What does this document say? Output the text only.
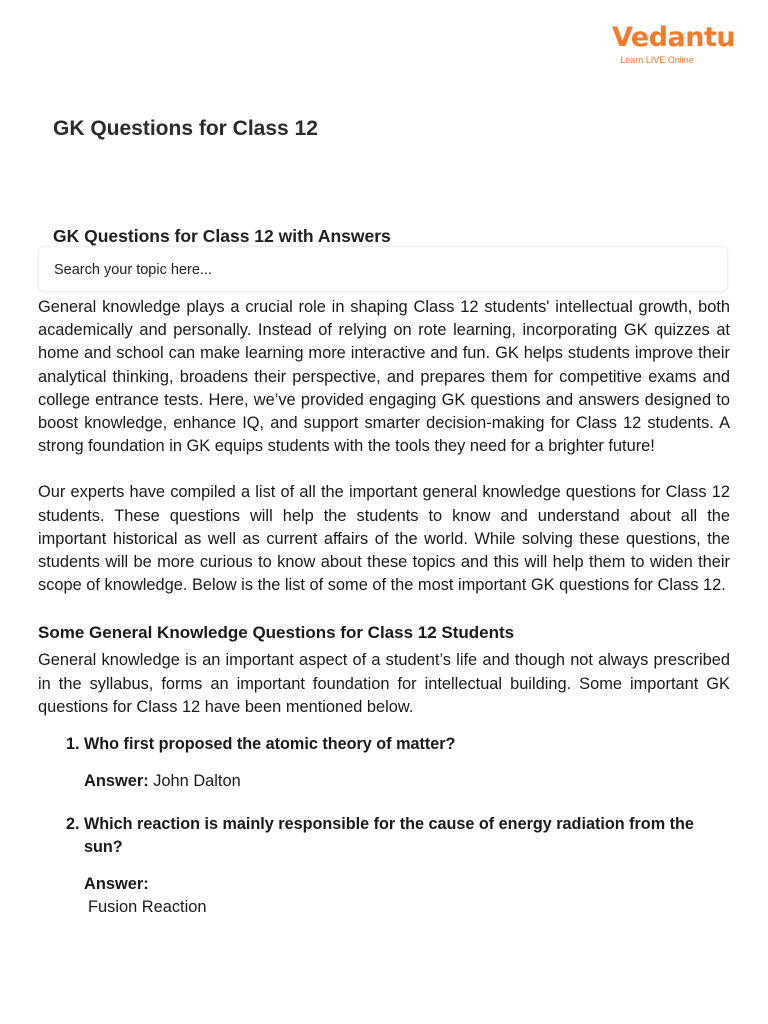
Vedantu
Learn LIVE Online
GK Questions for Class 12
GK Questions for Class 12 with Answers
Search your topic here...

General knowledge plays a crucial role in shaping Class 12 students' intellectual growth, both academically and personally. Instead of relying on rote learning, incorporating GK quizzes at home and school can make learning more interactive and fun. GK helps students improve their analytical thinking, broadens their perspective, and prepares them for competitive exams and college entrance tests. Here, we’ve provided engaging GK questions and answers designed to boost knowledge, enhance IQ, and support smarter decision-making for Class 12 students. A strong foundation in GK equips students with the tools they need for a brighter future!

Our experts have compiled a list of all the important general knowledge questions for Class 12 students. These questions will help the students to know and understand about all the important historical as well as current affairs of the world. While solving these questions, the students will be more curious to know about these topics and this will help them to widen their scope of knowledge. Below is the list of some of the most important GK questions for Class 12.

Some General Knowledge Questions for Class 12 Students

General knowledge is an important aspect of a student’s life and though not always prescribed in the syllabus, forms an important foundation for intellectual building. Some important GK questions for Class 12 have been mentioned below.

1. Who first proposed the atomic theory of matter?

Answer: John Dalton
2. Which reaction is mainly responsible for the cause of energy radiation from the sun?

Answer:
Fusion Reaction
